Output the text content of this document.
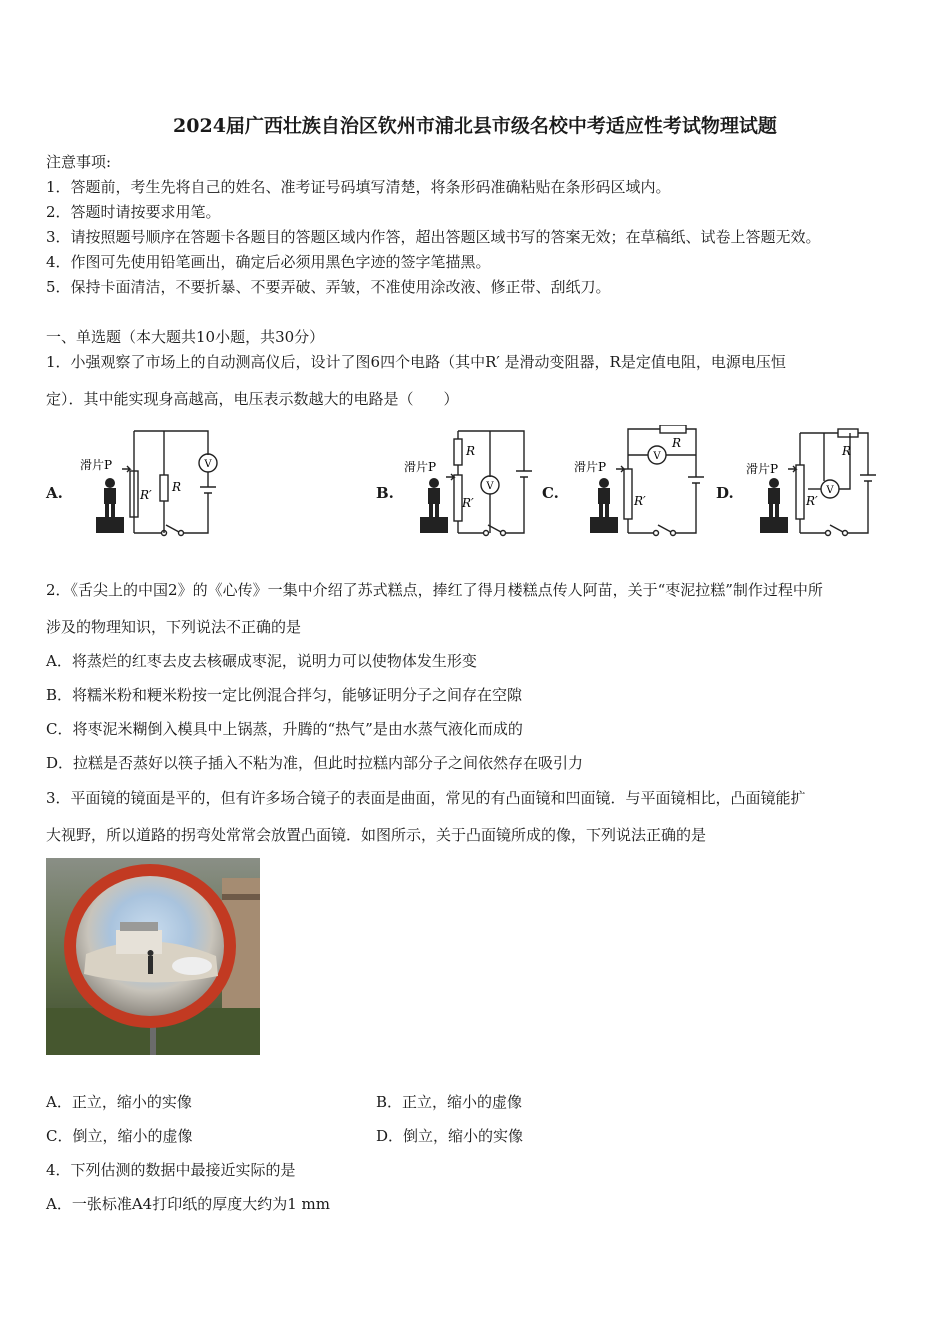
2024届广西壮族自治区钦州市浦北县市级名校中考适应性考试物理试题
注意事项:
1．答题前，考生先将自己的姓名、准考证号码填写清楚，将条形码准确粘贴在条形码区域内。
2．答题时请按要求用笔。
3．请按照题号顺序在答题卡各题目的答题区域内作答，超出答题区域书写的答案无效；在草稿纸、试卷上答题无效。
4．作图可先使用铅笔画出，确定后必须用黑色字迹的签字笔描黑。
5．保持卡面清洁，不要折暴、不要弄破、弄皱，不准使用涂改液、修正带、刮纸刀。
一、单选题（本大题共10小题，共30分）
1．小强观察了市场上的自动测高仪后，设计了图6四个电路（其中R′ 是滑动变阻器，R是定值电阻，电源电压恒
定）．其中能实现身高越高，电压表示数越大的电路是（　　）
A.	B.	C.	D.
V
R
R′
滑片P
R
V
R′
滑片P
R
V
R′
滑片P
R
V
R′
滑片P
2．《舌尖上的中国2》的《心传》一集中介绍了苏式糕点，捧红了得月楼糕点传人阿苗，关于“枣泥拉糕”制作过程中所
涉及的物理知识，下列说法不正确的是
A．将蒸烂的红枣去皮去核碾成枣泥，说明力可以使物体发生形变
B．将糯米粉和粳米粉按一定比例混合拌匀，能够证明分子之间存在空隙
C．将枣泥米糊倒入模具中上锅蒸，升腾的“热气”是由水蒸气液化而成的
D．拉糕是否蒸好以筷子插入不粘为准，但此时拉糕内部分子之间依然存在吸引力
3．平面镜的镜面是平的，但有许多场合镜子的表面是曲面，常见的有凸面镜和凹面镜．与平面镜相比，凸面镜能扩
大视野，所以道路的拐弯处常常会放置凸面镜．如图所示，关于凸面镜所成的像，下列说法正确的是
A．正立，缩小的实像	B．正立，缩小的虚像
C．倒立，缩小的虚像	D．倒立，缩小的实像
4．下列估测的数据中最接近实际的是
A．一张标准A4打印纸的厚度大约为1 mm
